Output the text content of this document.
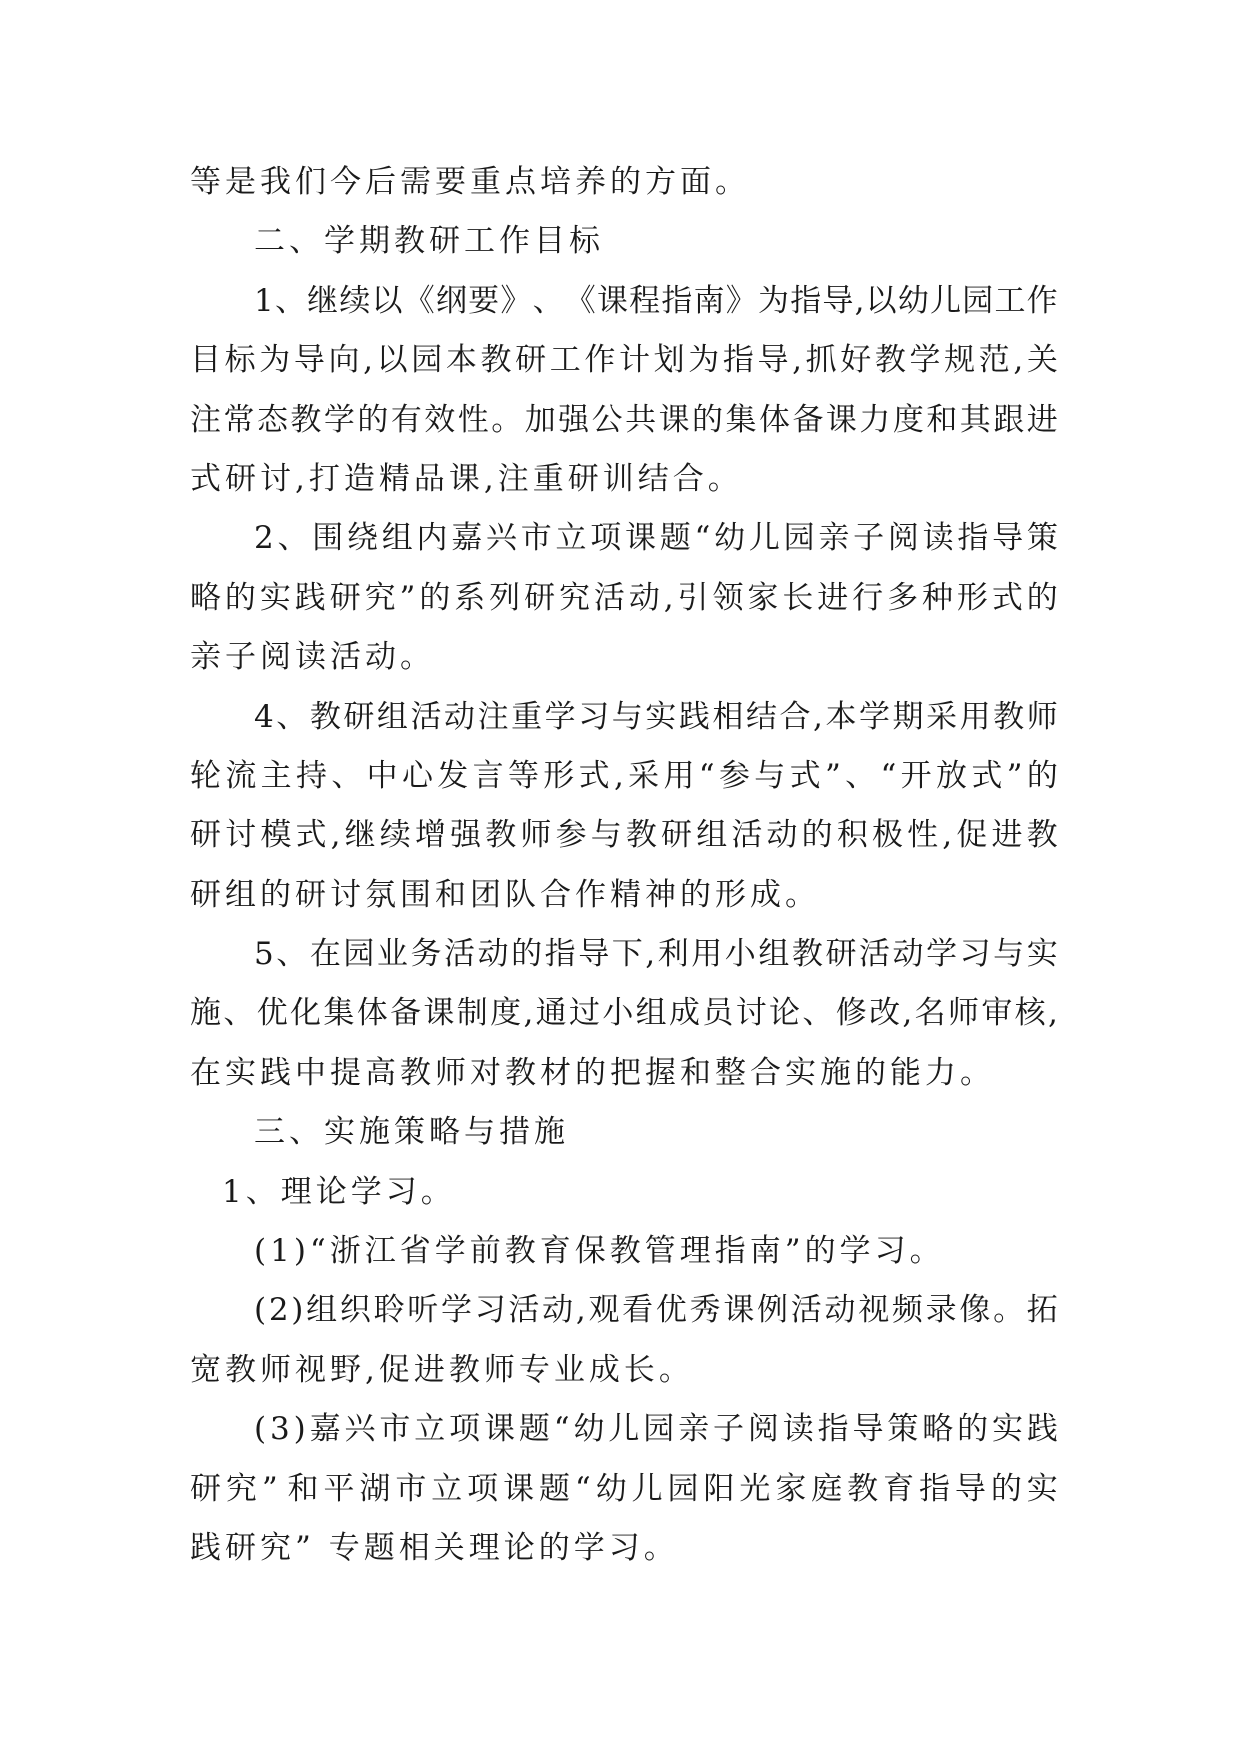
等是我们今后需要重点培养的方面。
二、学期教研工作目标
1 、 继 续 以 《 纲 要 》 、 《 课 程 指 南 》 为 指 导 , 以 幼 儿 园 工 作
目 标 为 导 向 , 以 园 本 教 研 工 作 计 划 为 指 导 , 抓 好 教 学 规 范 , 关
注 常 态 教 学 的 有 效 性 。 加 强 公 共 课 的 集 体 备 课 力 度 和 其 跟 进
式研讨,打造精品课,注重研训结合。
2 、 围 绕 组 内 嘉 兴 市 立 项 课 题 “ 幼 儿 园 亲 子 阅 读 指 导 策
略 的 实 践 研 究 ” 的 系 列 研 究 活 动 , 引 领 家 长 进 行 多 种 形 式 的
亲子阅读活动。
4 、 教 研 组 活 动 注 重 学 习 与 实 践 相 结 合 , 本 学 期 采 用 教 师
轮 流 主 持 、 中 心 发 言 等 形 式 , 采 用 “ 参 与 式 ” 、 “ 开 放 式 ” 的
研 讨 模 式 , 继 续 增 强 教 师 参 与 教 研 组 活 动 的 积 极 性 , 促 进 教
研组的研讨氛围和团队合作精神的形成。
5 、 在 园 业 务 活 动 的 指 导 下 , 利 用 小 组 教 研 活 动 学 习 与 实
施 、 优 化 集 体 备 课 制 度 , 通 过 小 组 成 员 讨 论 、 修 改 , 名 师 审 核 ,
在实践中提高教师对教材的把握和整合实施的能力。
三、实施策略与措施
1、理论学习。
(1)“浙江省学前教育保教管理指南”的学习。
( 2 ) 组 织 聆 听 学 习 活 动 , 观 看 优 秀 课 例 活 动 视 频 录 像 。 拓
宽教师视野,促进教师专业成长。
( 3 ) 嘉 兴 市 立 项 课 题 “ 幼 儿 园 亲 子 阅 读 指 导 策 略 的 实 践
研 究 ” 和 平 湖 市 立 项 课 题 “ 幼 儿 园 阳 光 家 庭 教 育 指 导 的 实
践研究” 专题相关理论的学习。
